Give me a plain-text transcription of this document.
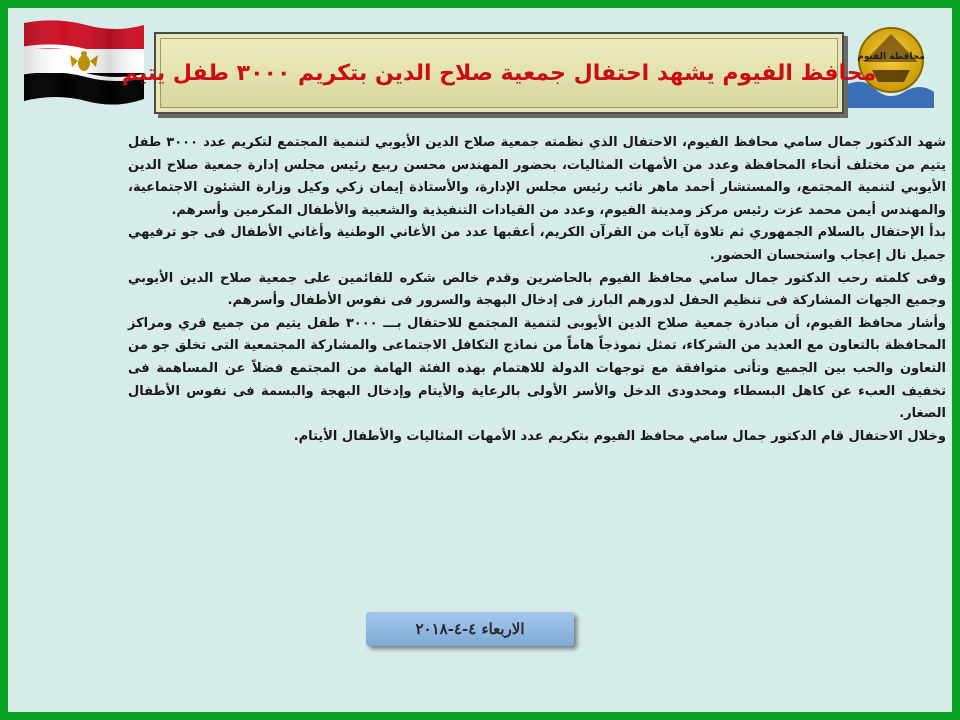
محافظة الفيوم
محافظ الفيوم يشهد احتفال جمعية صلاح الدين بتكريم ٣٠٠٠ طفل يتيم

شهد الدكتور جمال سامي محافظ الفيوم، الاحتفال الذي نظمته جمعية صلاح الدين الأيوبي لتنمية المجتمع لتكريم عدد ٣٠٠٠ طفل يتيم من مختلف أنحاء المحافظة وعدد من الأمهات المثاليات، بحضور المهندس محسن ربيع رئيس مجلس إدارة جمعية صلاح الدين الأيوبي لتنمية المجتمع، والمستشار أحمد ماهر نائب رئيس مجلس الإدارة، والأستاذة إيمان زكي وكيل وزارة الشئون الاجتماعية، والمهندس أيمن محمد عزت رئيس مركز ومدينة الفيوم، وعدد من القيادات التنفيذية والشعبية والأطفال المكرمين وأسرهم.

بدأ الإحتفال بالسلام الجمهوري ثم تلاوة آيات من القرآن الكريم، أعقبها عدد من الأغاني الوطنية وأغاني الأطفال فى جو ترفيهي جميل نال إعجاب واستحسان الحضور.

وفى كلمته رحب الدكتور جمال سامي محافظ الفيوم بالحاضرين وقدم خالص شكره للقائمين على جمعية صلاح الدين الأيوبي وجميع الجهات المشاركة فى تنظيم الحفل لدورهم البارز فى إدخال البهجة والسرور فى نفوس الأطفال وأسرهم.

وأشار محافظ الفيوم، أن مبادرة جمعية صلاح الدين الأيوبى لتنمية المجتمع للاحتفال بـــ ٣٠٠٠ طفل يتيم من جميع قري ومراكز المحافظة بالتعاون مع العديد من الشركاء، تمثل نموذجاً هاماً من نماذج التكافل الاجتماعى والمشاركة المجتمعية التى تخلق جو من التعاون والحب بين الجميع وتأتى متوافقة مع توجهات الدولة للاهتمام بهذه الفئة الهامة من المجتمع فضلاً عن المساهمة فى تخفيف العبء عن كاهل البسطاء ومحدودى الدخل والأسر الأولى بالرعاية والأيتام وإدخال البهجة والبسمة فى نفوس الأطفال الصغار.

وخلال الاحتفال قام الدكتور جمال سامي محافظ الفيوم بتكريم عدد الأمهات المثاليات والأطفال الأيتام.

الاربعاء ٤-٤-٢٠١٨
